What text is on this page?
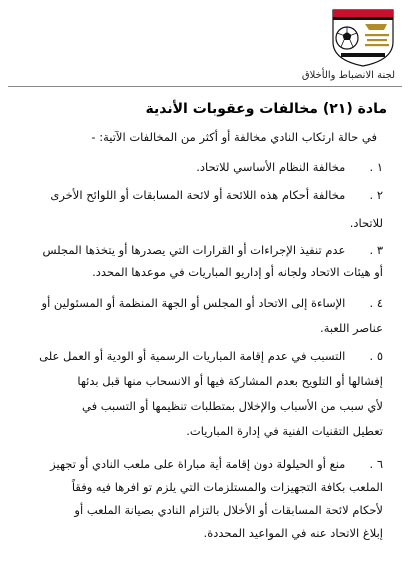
لجنة الانضباط والأخلاق
مادة (٢١) مخالفات وعقوبات الأندية
في حالة ارتكاب النادي مخالفة أو أكثر من المخالفات الآتية: -
١ . مخالفة النظام الأساسي للاتحاد.
٢ . مخالفة أحكام هذه اللائحة أو لائحة المسابقات أو اللوائح الأخرى
للاتحاد.
٣ . عدم تنفيذ الإجراءات أو القرارات التي يصدرها أو يتخذها المجلس
أو هيئات الاتحاد ولجانه أو إداريو المباريات في موعدها المحدد.
٤ . الإساءة إلى الاتحاد أو المجلس أو الجهة المنظمة أو المسئولين أو
عناصر اللعبة.
٥ . التسبب في عدم إقامة المباريات الرسمية أو الودية أو العمل على
إفشالها أو التلويح بعدم المشاركة فيها أو الانسحاب منها قبل بدئها
لأي سبب من الأسباب والإخلال بمتطلبات تنظيمها أو التسبب في
تعطيل التقنيات الفنية في إدارة المباريات.
٦ . منع أو الحيلولة دون إقامة أية مباراة على ملعب النادي أو تجهيز
الملعب بكافة التجهيزات والمستلزمات التي يلزم تو افرها فيه وفقاً
لأحكام لائحة المسابقات أو الأخلال بالتزام النادي بصيانة الملعب أو
إبلاغ الاتحاد عنه في المواعيد المحددة.
